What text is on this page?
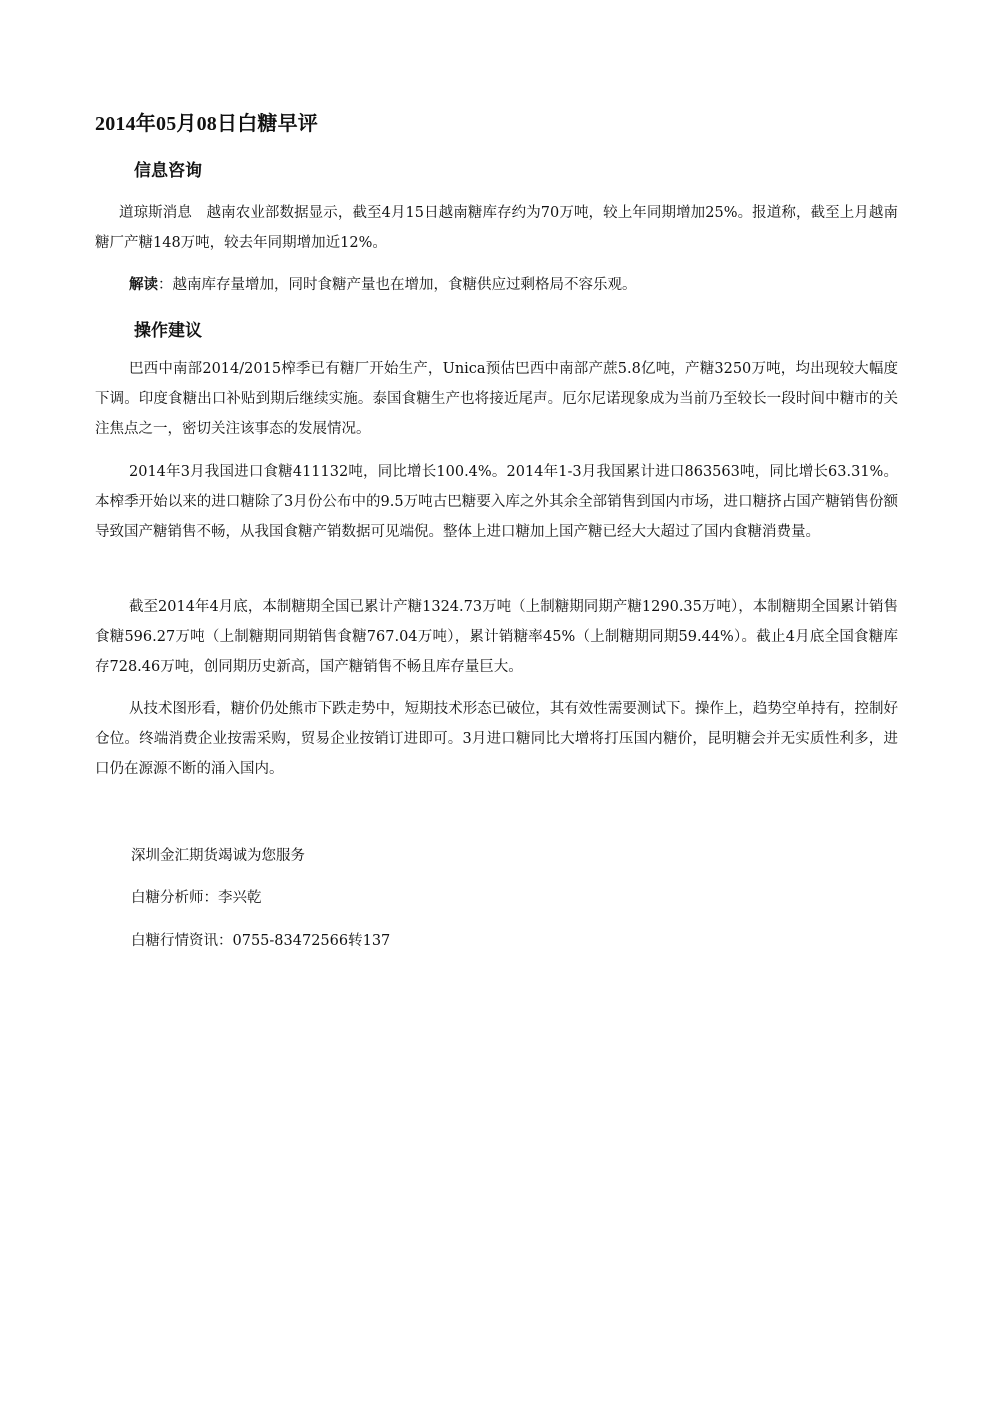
2014年05月08日白糖早评
信息咨询

道琼斯消息　越南农业部数据显示，截至4月15日越南糖库存约为70万吨，较上年同期增加25%。报道称，截至上月越南糖厂产糖148万吨，较去年同期增加近12%。

解读：越南库存量增加，同时食糖产量也在增加，食糖供应过剩格局不容乐观。

操作建议

巴西中南部2014/2015榨季已有糖厂开始生产，Unica预估巴西中南部产蔗5.8亿吨，产糖3250万吨，均出现较大幅度下调。印度食糖出口补贴到期后继续实施。泰国食糖生产也将接近尾声。厄尔尼诺现象成为当前乃至较长一段时间中糖市的关注焦点之一，密切关注该事态的发展情况。

2014年3月我国进口食糖411132吨，同比增长100.4%。2014年1-3月我国累计进口863563吨，同比增长63.31%。本榨季开始以来的进口糖除了3月份公布中的9.5万吨古巴糖要入库之外其余全部销售到国内市场，进口糖挤占国产糖销售份额导致国产糖销售不畅，从我国食糖产销数据可见端倪。整体上进口糖加上国产糖已经大大超过了国内食糖消费量。

截至2014年4月底，本制糖期全国已累计产糖1324.73万吨（上制糖期同期产糖1290.35万吨），本制糖期全国累计销售食糖596.27万吨（上制糖期同期销售食糖767.04万吨），累计销糖率45%（上制糖期同期59.44%）。截止4月底全国食糖库存728.46万吨，创同期历史新高，国产糖销售不畅且库存量巨大。

从技术图形看，糖价仍处熊市下跌走势中，短期技术形态已破位，其有效性需要测试下。操作上，趋势空单持有，控制好仓位。终端消费企业按需采购，贸易企业按销订进即可。3月进口糖同比大增将打压国内糖价，昆明糖会并无实质性利多，进口仍在源源不断的涌入国内。

深圳金汇期货竭诚为您服务

白糖分析师：李兴乾

白糖行情资讯：0755-83472566转137
